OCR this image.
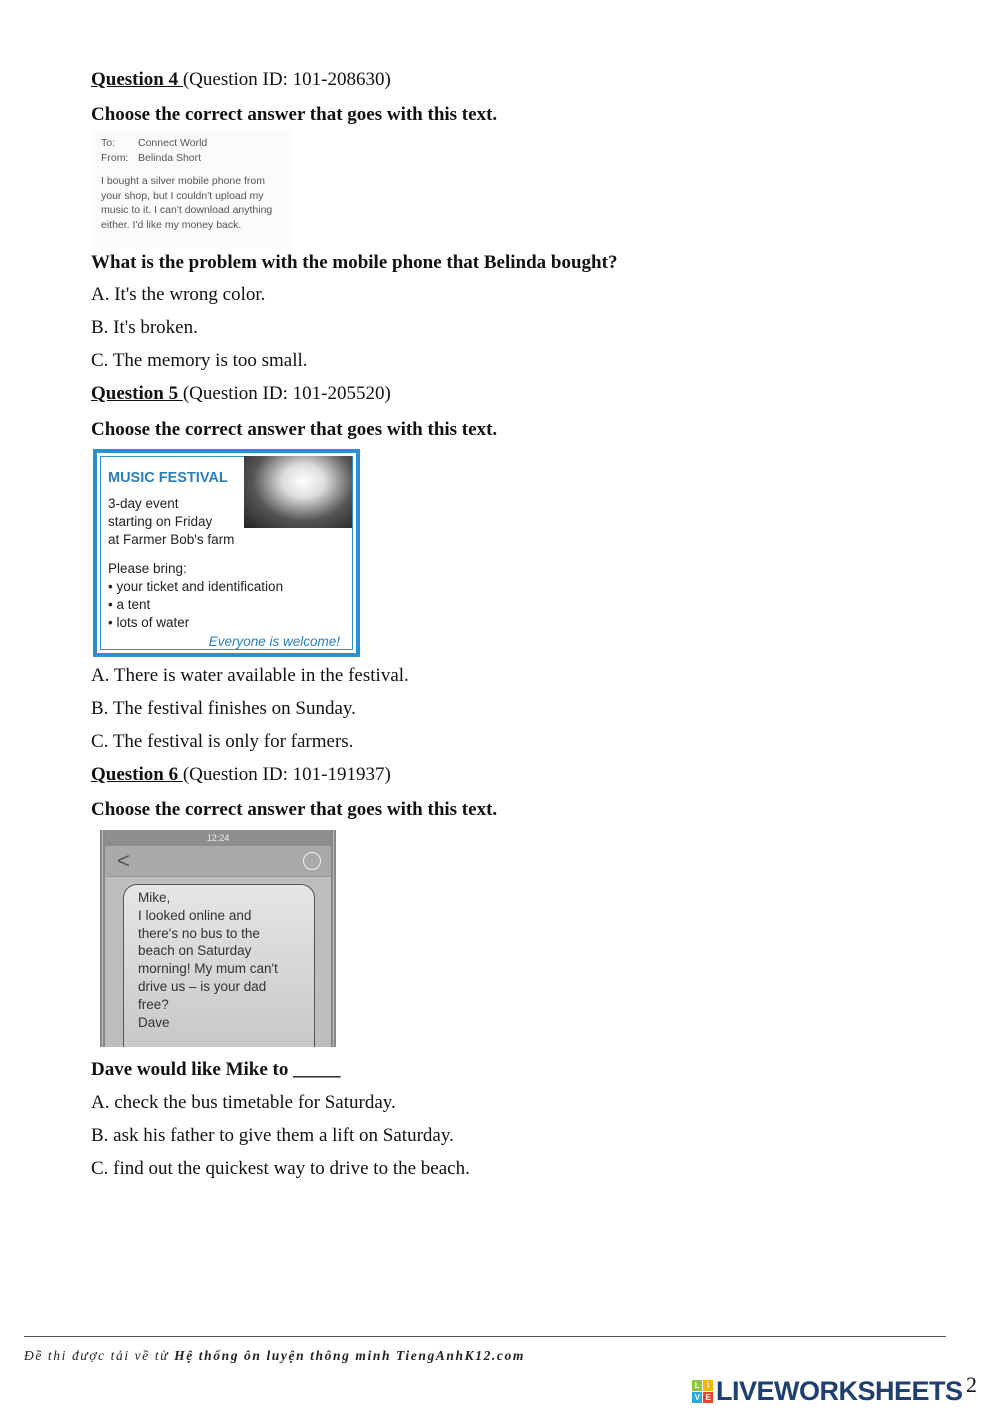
Question 4 (Question ID: 101-208630)
Choose the correct answer that goes with this text.
To: Connect World
From: Belinda Short
I bought a silver mobile phone from
your shop, but I couldn't upload my
music to it. I can't download anything
either. I'd like my money back.
What is the problem with the mobile phone that Belinda bought?
A. It's the wrong color.
B. It's broken.
C. The memory is too small.
Question 5 (Question ID: 101-205520)
Choose the correct answer that goes with this text.
MUSIC FESTIVAL
3-day event
starting on Friday
at Farmer Bob's farm
Please bring:
• your ticket and identification
• a tent
• lots of water
Everyone is welcome!
A. There is water available in the festival.
B. The festival finishes on Sunday.
C. The festival is only for farmers.
Question 6 (Question ID: 101-191937)
Choose the correct answer that goes with this text.
12:24
<
Mike,
I looked online and
there's no bus to the
beach on Saturday
morning! My mum can't
drive us – is your dad
free?
Dave
Dave would like Mike to _____
A. check the bus timetable for Saturday.
B. ask his father to give them a lift on Saturday.
C. find out the quickest way to drive to the beach.
Đề thi được tải về từ Hệ thống ôn luyện thông minh TiengAnhK12.com
L I
V E LIVEWORKSHEETS 2
